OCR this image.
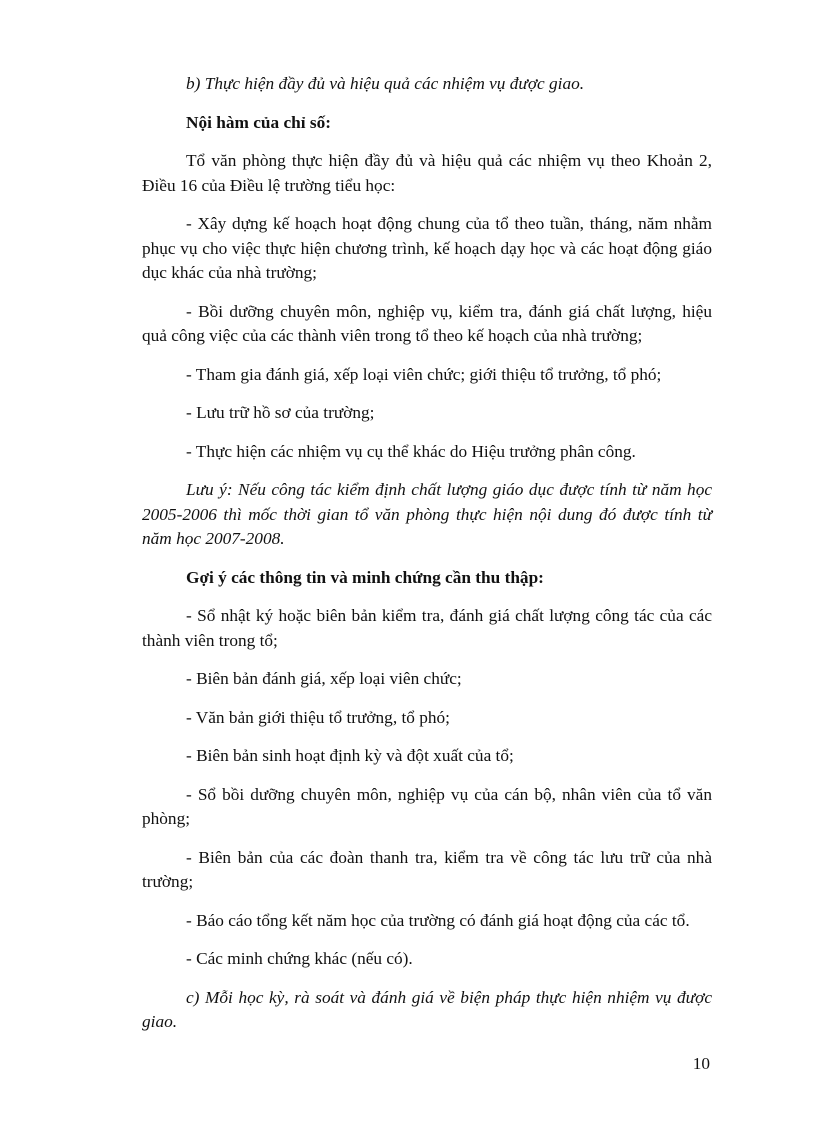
b) Thực hiện đầy đủ và hiệu quả các nhiệm vụ được giao.

Nội hàm của chỉ số:

Tổ văn phòng thực hiện đầy đủ và hiệu quả các nhiệm vụ theo Khoản 2, Điều 16 của Điều lệ trường tiểu học:

- Xây dựng kế hoạch hoạt động chung của tổ theo tuần, tháng, năm nhằm phục vụ cho việc thực hiện chương trình, kế hoạch dạy học và các hoạt động giáo dục khác của nhà trường;

- Bồi dưỡng chuyên môn, nghiệp vụ, kiểm tra, đánh giá chất lượng, hiệu quả công việc của các thành viên trong tổ theo kế hoạch của nhà trường;

- Tham gia đánh giá, xếp loại viên chức; giới thiệu tổ trưởng, tổ phó;

- Lưu trữ hồ sơ của trường;

- Thực hiện các nhiệm vụ cụ thể khác do Hiệu trưởng phân công.

Lưu ý: Nếu công tác kiểm định chất lượng giáo dục được tính từ năm học 2005-2006 thì mốc thời gian tổ văn phòng thực hiện nội dung đó được tính từ năm học 2007-2008.

Gợi ý các thông tin và minh chứng cần thu thập:

- Sổ nhật ký hoặc biên bản kiểm tra, đánh giá chất lượng công tác của các thành viên trong tổ;

- Biên bản đánh giá, xếp loại viên chức;

- Văn bản giới thiệu tổ trưởng, tổ phó;

- Biên bản sinh hoạt định kỳ và đột xuất của tổ;

- Sổ bồi dưỡng chuyên môn, nghiệp vụ của cán bộ, nhân viên của tổ văn phòng;

- Biên bản của các đoàn thanh tra, kiểm tra về công tác lưu trữ của nhà trường;

- Báo cáo tổng kết năm học của trường có đánh giá hoạt động của các tổ.

- Các minh chứng khác (nếu có).

c) Mỗi học kỳ, rà soát và đánh giá về biện pháp thực hiện nhiệm vụ được giao.

10
